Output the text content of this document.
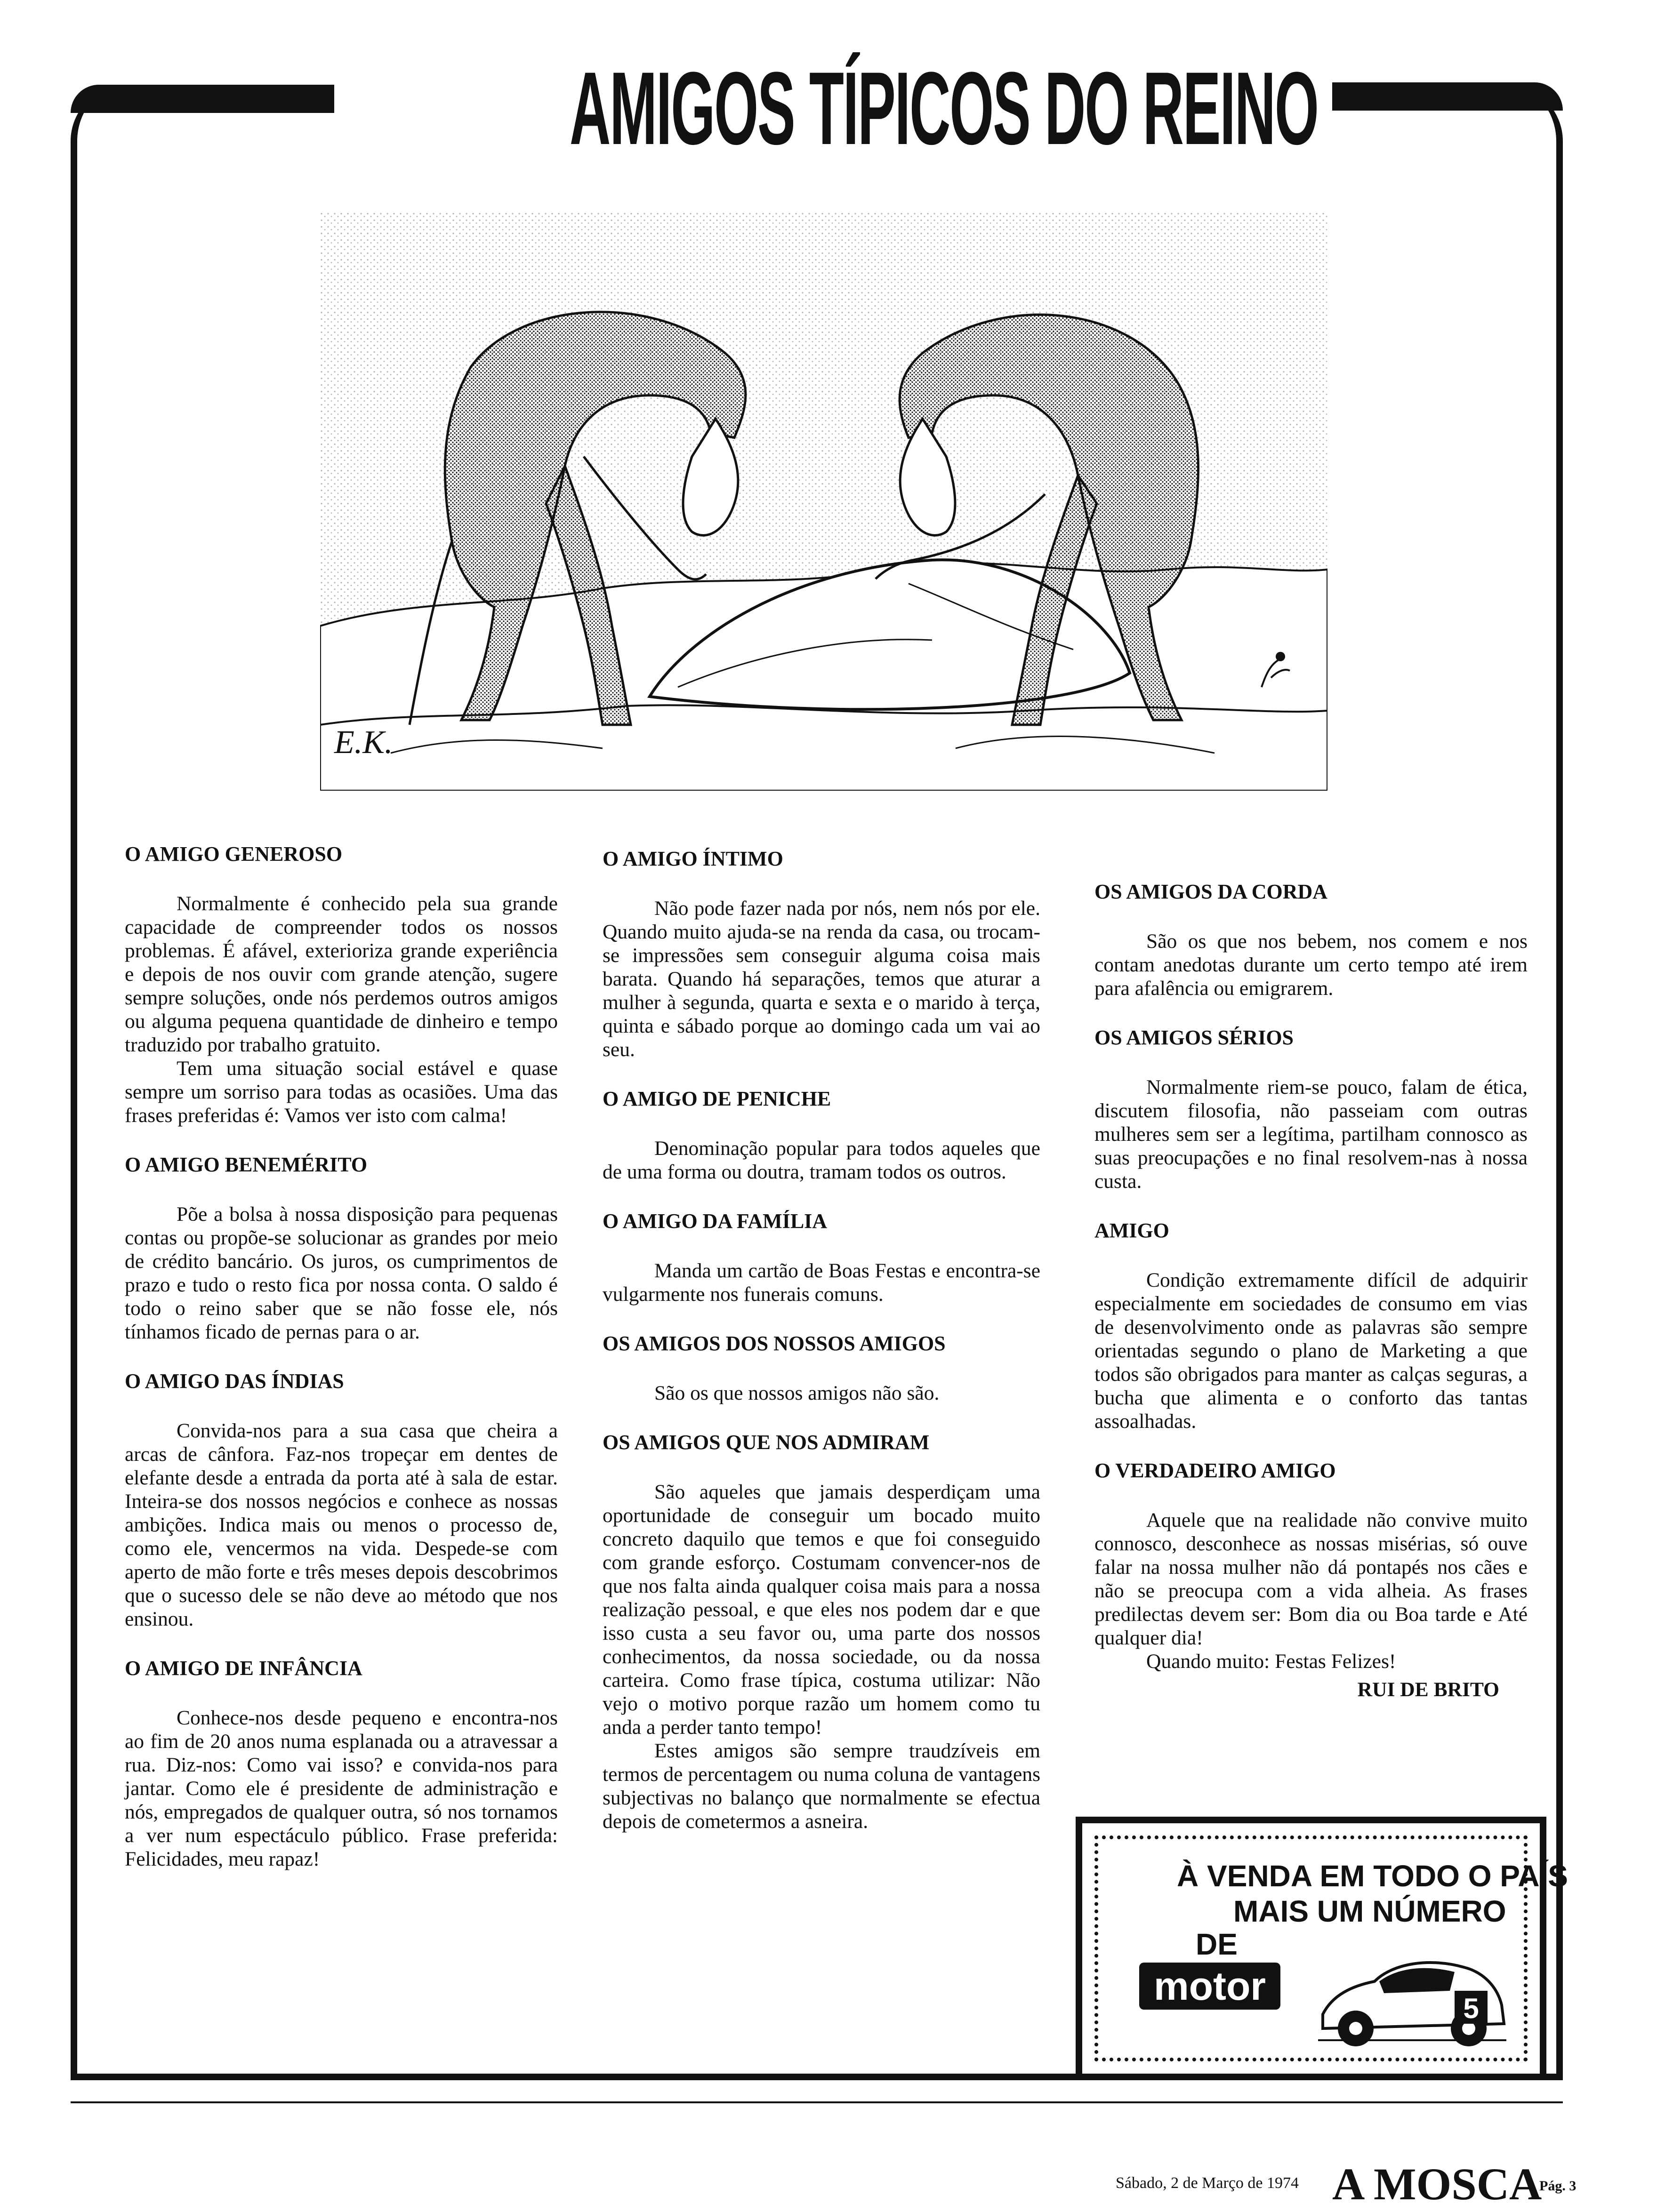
AMIGOS TÍPICOS DO REINO
E.K.
O AMIGO GENEROSO

Normalmente é conhecido pela sua grande capacidade de compreender todos os nossos problemas. É afável, exterioriza grande experiência e depois de nos ouvir com grande atenção, sugere sempre soluções, onde nós perdemos outros amigos ou alguma pequena quantidade de dinheiro e tempo traduzido por trabalho gratuito.

Tem uma situação social estável e quase sempre um sorriso para todas as ocasiões. Uma das frases preferidas é: Vamos ver isto com calma!

O AMIGO BENEMÉRITO

Põe a bolsa à nossa disposição para pequenas contas ou propõe-se solucionar as grandes por meio de crédito bancário. Os juros, os cumprimentos de prazo e tudo o resto fica por nossa conta. O saldo é todo o reino saber que se não fosse ele, nós tínhamos ficado de pernas para o ar.

O AMIGO DAS ÍNDIAS

Convida-nos para a sua casa que cheira a arcas de cânfora. Faz-nos tropeçar em dentes de elefante desde a entrada da porta até à sala de estar. Inteira-se dos nossos negócios e conhece as nossas ambições. Indica mais ou menos o processo de, como ele, vencermos na vida. Despede-se com aperto de mão forte e três meses depois descobrimos que o sucesso dele se não deve ao método que nos ensinou.

O AMIGO DE INFÂNCIA

Conhece-nos desde pequeno e encontra-nos ao fim de 20 anos numa esplanada ou a atravessar a rua. Diz-nos: Como vai isso? e convida-nos para jantar. Como ele é presidente de administração e nós, empregados de qualquer outra, só nos tornamos a ver num espectáculo público. Frase preferida: Felicidades, meu rapaz!

O AMIGO ÍNTIMO

Não pode fazer nada por nós, nem nós por ele. Quando muito ajuda-se na renda da casa, ou trocam-se impressões sem conseguir alguma coisa mais barata. Quando há separações, temos que aturar a mulher à segunda, quarta e sexta e o marido à terça, quinta e sábado porque ao domingo cada um vai ao seu.

O AMIGO DE PENICHE

Denominação popular para todos aqueles que de uma forma ou doutra, tramam todos os outros.

O AMIGO DA FAMÍLIA

Manda um cartão de Boas Festas e encontra-se vulgarmente nos funerais comuns.

OS AMIGOS DOS NOSSOS AMIGOS

São os que nossos amigos não são.

OS AMIGOS QUE NOS ADMIRAM

São aqueles que jamais desperdiçam uma oportunidade de conseguir um bocado muito concreto daquilo que temos e que foi conseguido com grande esforço. Costumam convencer-nos de que nos falta ainda qualquer coisa mais para a nossa realização pessoal, e que eles nos podem dar e que isso custa a seu favor ou, uma parte dos nossos conhecimentos, da nossa sociedade, ou da nossa carteira. Como frase típica, costuma utilizar: Não vejo o motivo porque razão um homem como tu anda a perder tanto tempo!

Estes amigos são sempre traudzíveis em termos de percentagem ou numa coluna de vantagens subjectivas no balanço que normalmente se efectua depois de cometermos a asneira.

OS AMIGOS DA CORDA

São os que nos bebem, nos comem e nos contam anedotas durante um certo tempo até irem para afalência ou emigrarem.

OS AMIGOS SÉRIOS

Normalmente riem-se pouco, falam de ética, discutem filosofia, não passeiam com outras mulheres sem ser a legítima, partilham connosco as suas preocupações e no final resolvem-nas à nossa custa.

AMIGO

Condição extremamente difícil de adquirir especialmente em sociedades de consumo em vias de desenvolvimento onde as palavras são sempre orientadas segundo o plano de Marketing a que todos são obrigados para manter as calças seguras, a bucha que alimenta e o conforto das tantas assoalhadas.

O VERDADEIRO AMIGO

Aquele que na realidade não convive muito connosco, desconhece as nossas misérias, só ouve falar na nossa mulher não dá pontapés nos cães e não se preocupa com a vida alheia. As frases predilectas devem ser: Bom dia ou Boa tarde e Até qualquer dia!

Quando muito: Festas Felizes!

RUI DE BRITO
À VENDA EM TODO O PAÍS
MAIS UM NÚMERO
DE
motor
5
Sábado, 2 de Março de 1974 A MOSCA
Pág. 3
